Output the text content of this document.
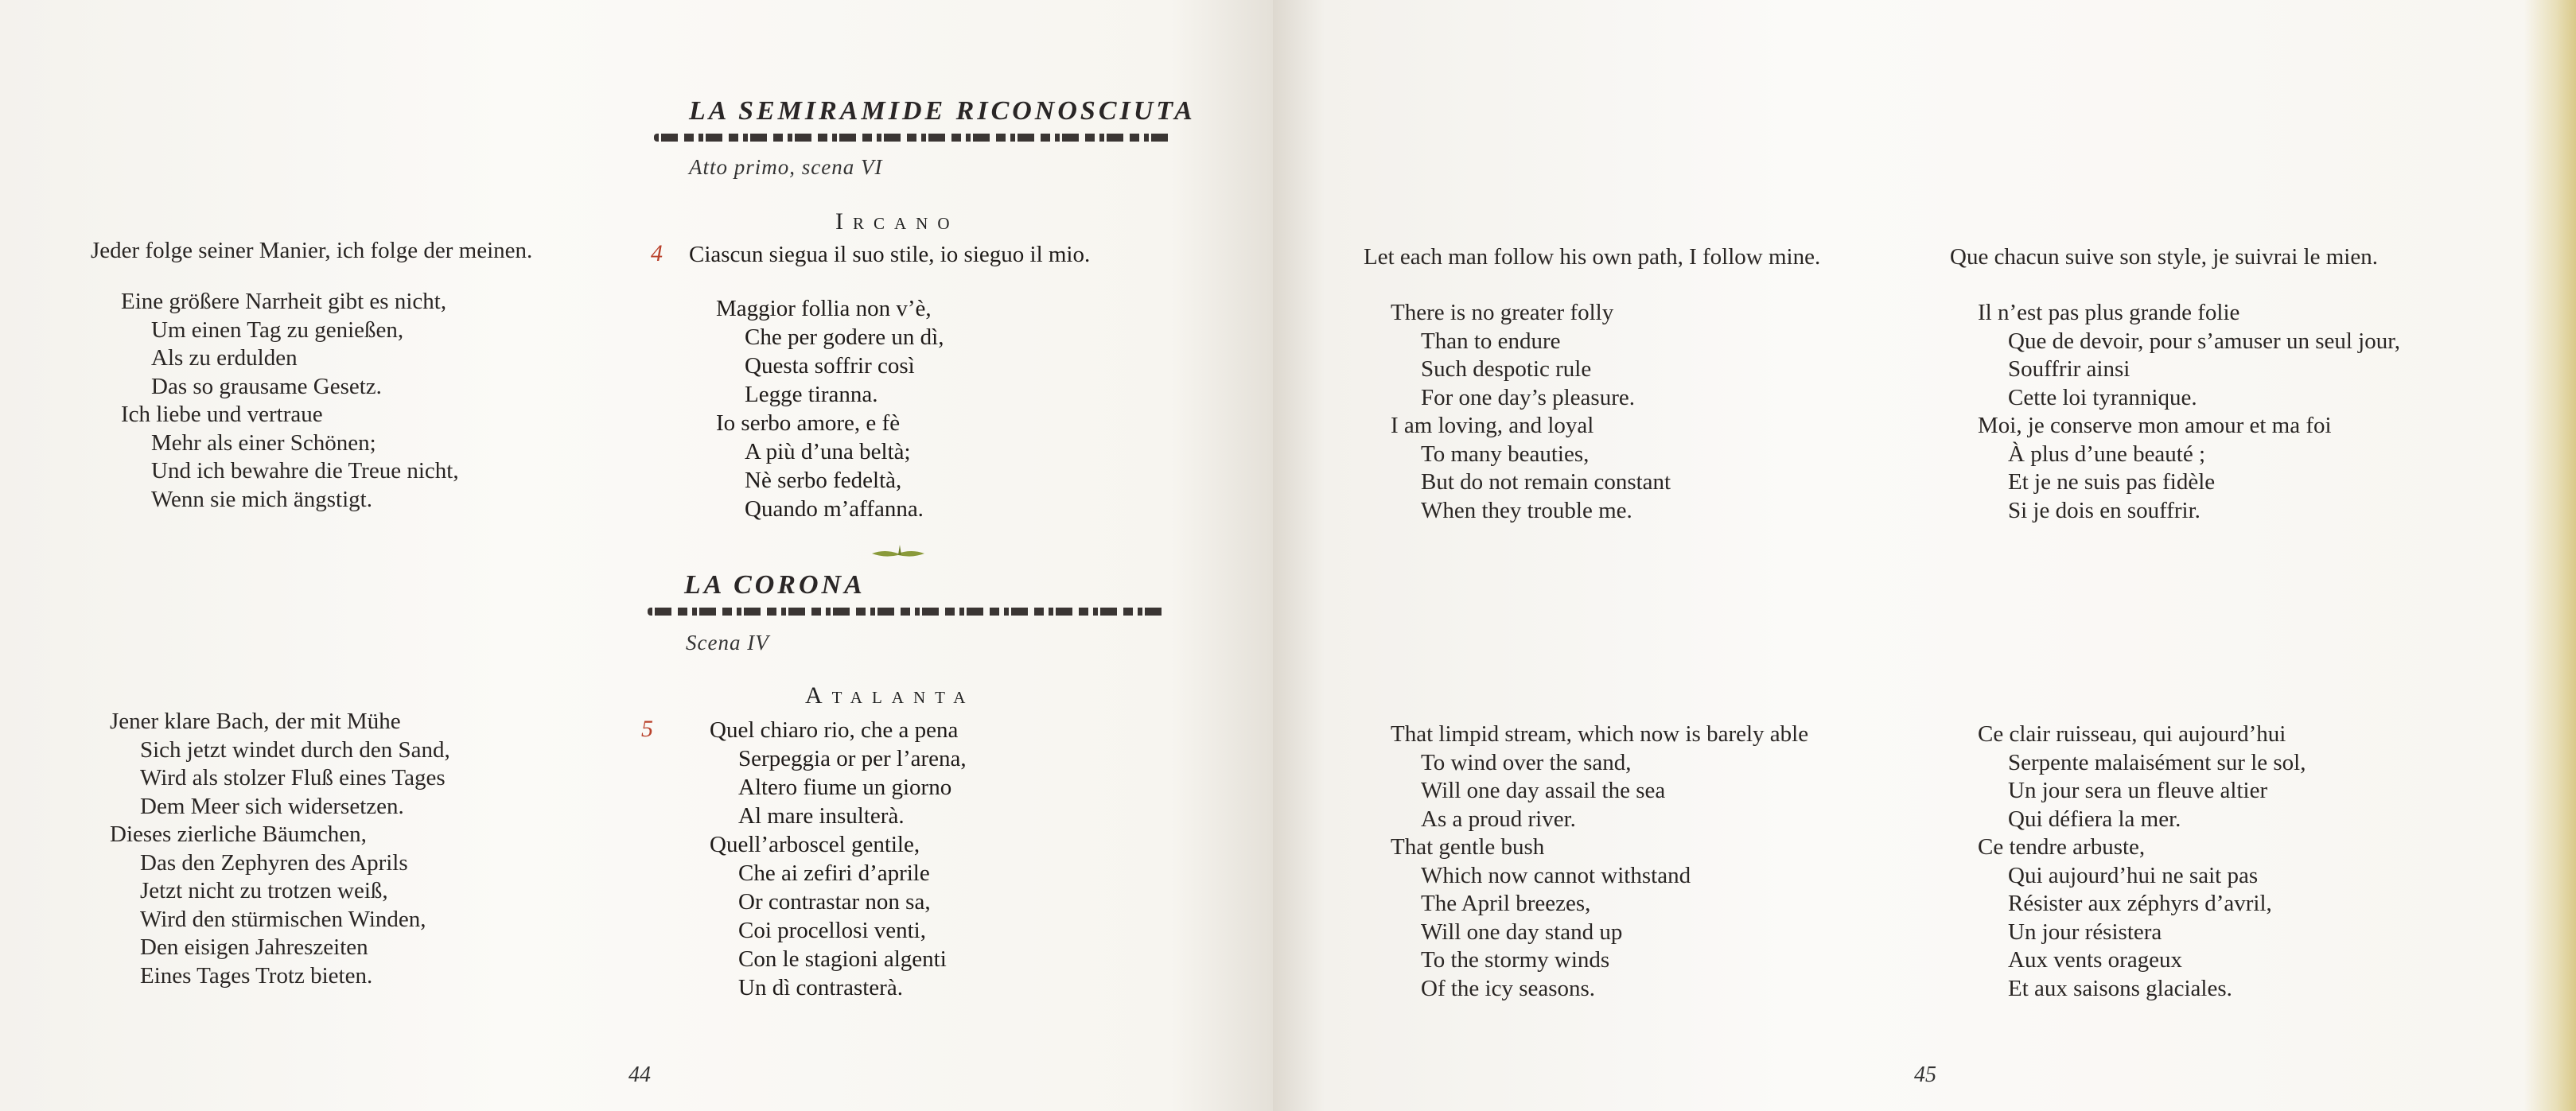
Jeder folge seiner Manier, ich folge der meinen.
Eine größere Narrheit gibt es nicht,
Um einen Tag zu genießen,
Als zu erdulden
Das so grausame Gesetz.
Ich liebe und vertraue
Mehr als einer Schönen;
Und ich bewahre die Treue nicht,
Wenn sie mich ängstigt.
Jener klare Bach, der mit Mühe
Sich jetzt windet durch den Sand,
Wird als stolzer Fluß eines Tages
Dem Meer sich widersetzen.
Dieses zierliche Bäumchen,
Das den Zephyren des Aprils
Jetzt nicht zu trotzen weiß,
Wird den stürmischen Winden,
Den eisigen Jahreszeiten
Eines Tages Trotz bieten.
LA SEMIRAMIDE RICONOSCIUTA
Atto primo, scena VI
Ircano
4 Ciascun siegua il suo stile, io sieguo il mio.
Maggior follia non v’è,
Che per godere un dì,
Questa soffrir così
Legge tiranna.
Io serbo amore, e fè
A più d’una beltà;
Nè serbo fedeltà,
Quando m’affanna.
LA CORONA
Scena IV
Atalanta
5 Quel chiaro rio, che a pena
Serpeggia or per l’arena,
Altero fiume un giorno
Al mare insulterà.
Quell’arboscel gentile,
Che ai zefiri d’aprile
Or contrastar non sa,
Coi procellosi venti,
Con le stagioni algenti
Un dì contrasterà.
44
Let each man follow his own path, I follow mine.
There is no greater folly
Than to endure
Such despotic rule
For one day’s pleasure.
I am loving, and loyal
To many beauties,
But do not remain constant
When they trouble me.
That limpid stream, which now is barely able
To wind over the sand,
Will one day assail the sea
As a proud river.
That gentle bush
Which now cannot withstand
The April breezes,
Will one day stand up
To the stormy winds
Of the icy seasons.
Que chacun suive son style, je suivrai le mien.
Il n’est pas plus grande folie
Que de devoir, pour s’amuser un seul jour,
Souffrir ainsi
Cette loi tyrannique.
Moi, je conserve mon amour et ma foi
À plus d’une beauté ;
Et je ne suis pas fidèle
Si je dois en souffrir.
Ce clair ruisseau, qui aujourd’hui
Serpente malaisément sur le sol,
Un jour sera un fleuve altier
Qui défiera la mer.
Ce tendre arbuste,
Qui aujourd’hui ne sait pas
Résister aux zéphyrs d’avril,
Un jour résistera
Aux vents orageux
Et aux saisons glaciales.
45
